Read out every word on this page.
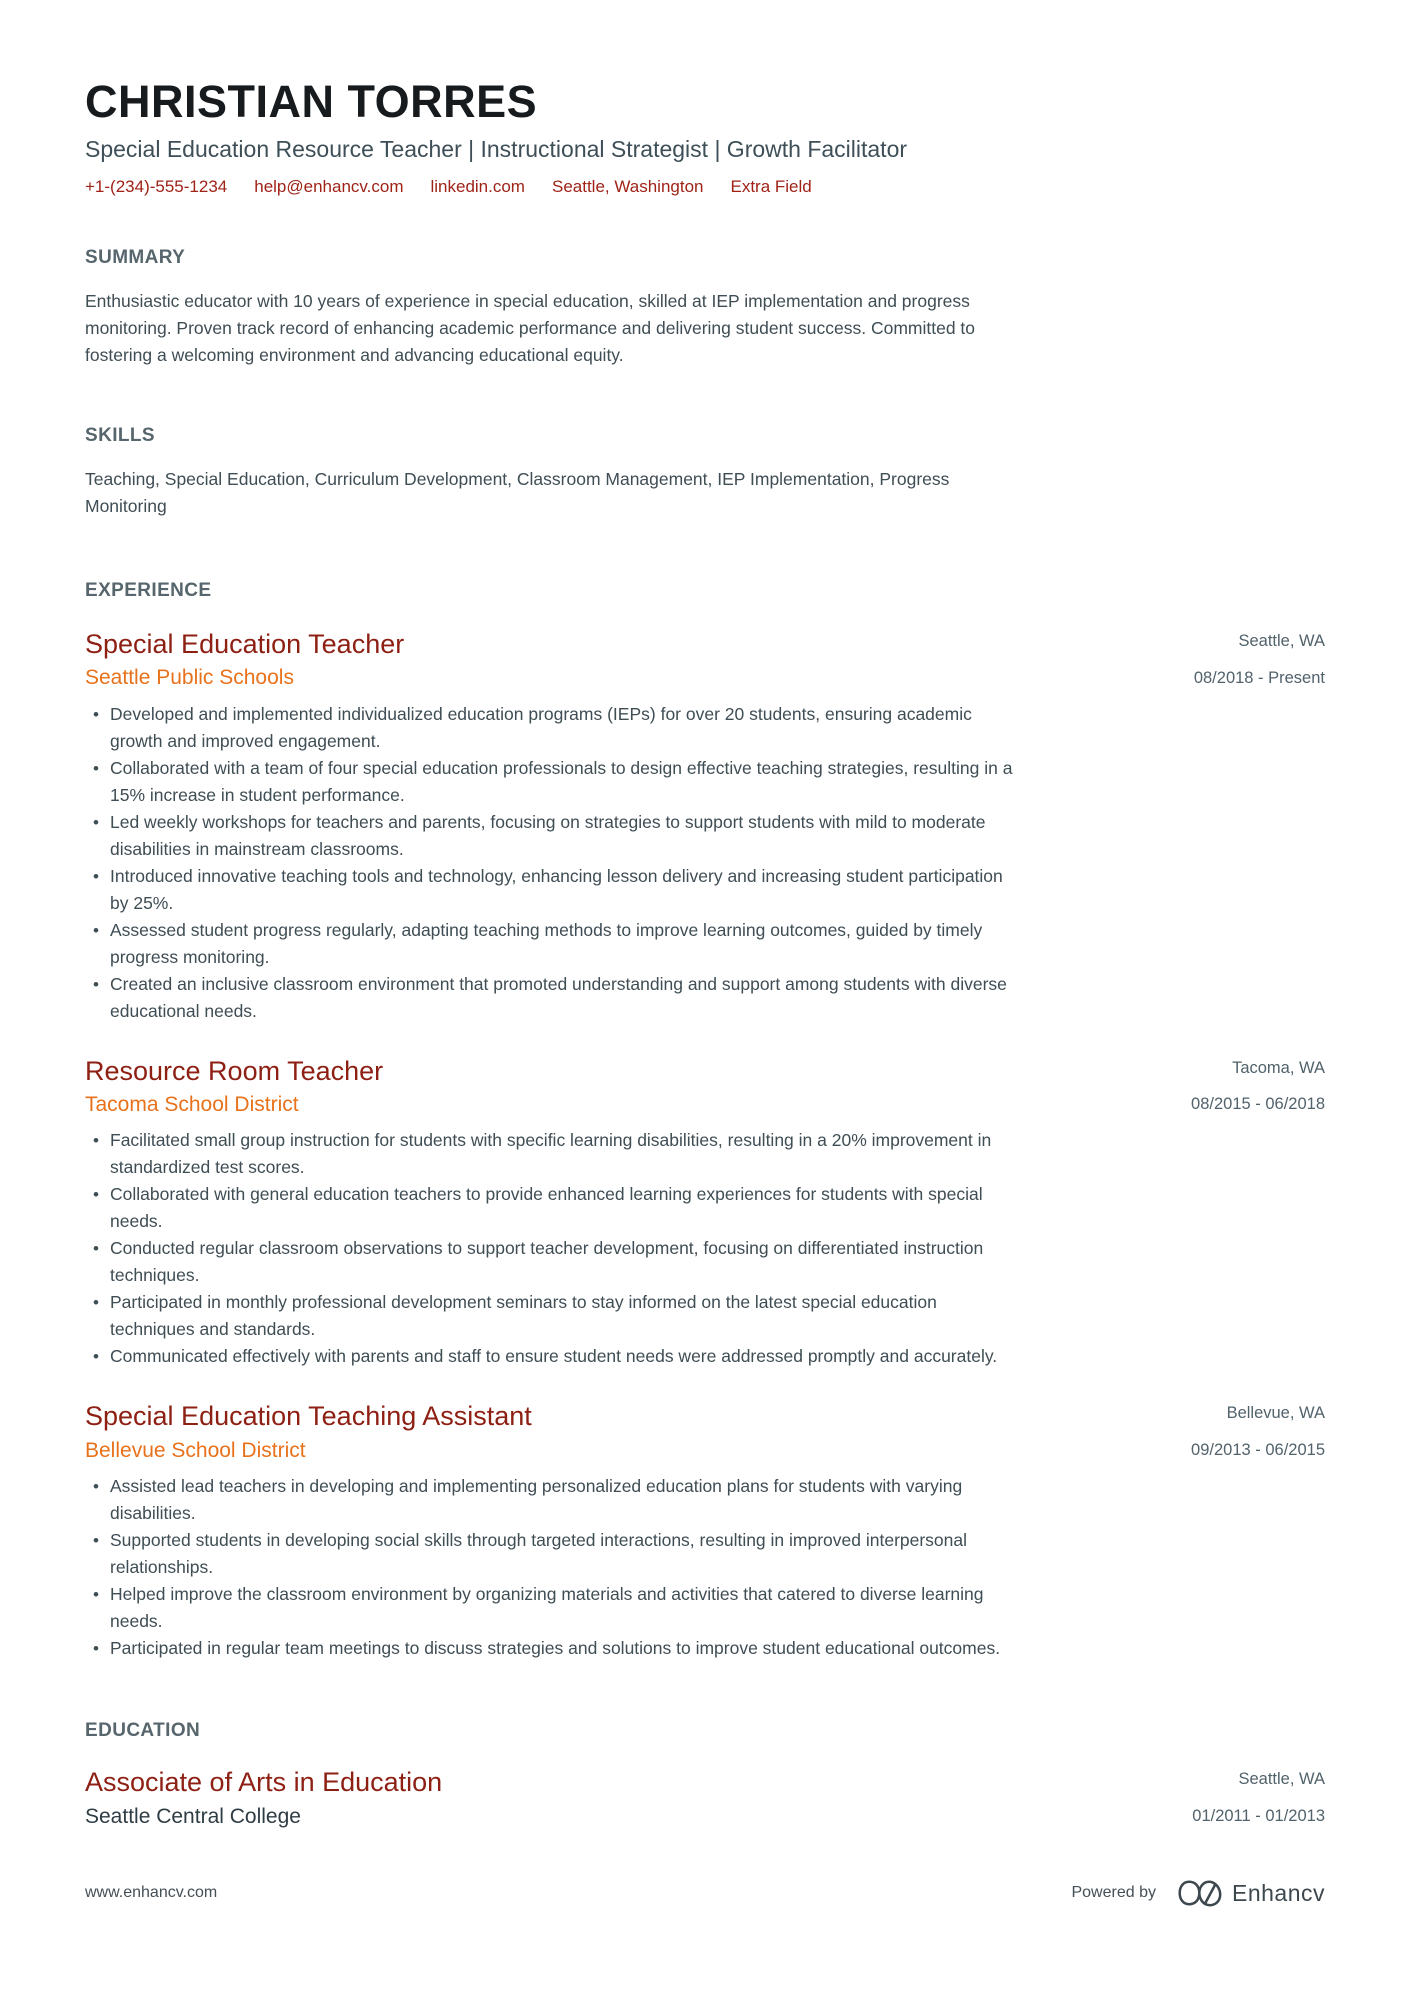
CHRISTIAN TORRES
Special Education Resource Teacher | Instructional Strategist | Growth Facilitator
+1-(234)-555-1234 help@enhancv.com linkedin.com Seattle, Washington Extra Field
SUMMARY

Enthusiastic educator with 10 years of experience in special education, skilled at IEP implementation and progress monitoring. Proven track record of enhancing academic performance and delivering student success. Committed to fostering a welcoming environment and advancing educational equity.

SKILLS

Teaching, Special Education, Curriculum Development, Classroom Management, IEP Implementation, Progress Monitoring

EXPERIENCE
Special Education Teacher
Seattle Public Schools
Seattle, WA
08/2018 - Present
• Developed and implemented individualized education programs (IEPs) for over 20 students, ensuring academic growth and improved engagement.
• Collaborated with a team of four special education professionals to design effective teaching strategies, resulting in a 15% increase in student performance.
• Led weekly workshops for teachers and parents, focusing on strategies to support students with mild to moderate disabilities in mainstream classrooms.
• Introduced innovative teaching tools and technology, enhancing lesson delivery and increasing student participation by 25%.
• Assessed student progress regularly, adapting teaching methods to improve learning outcomes, guided by timely progress monitoring.
• Created an inclusive classroom environment that promoted understanding and support among students with diverse educational needs.
Resource Room Teacher
Tacoma School District
Tacoma, WA
08/2015 - 06/2018
• Facilitated small group instruction for students with specific learning disabilities, resulting in a 20% improvement in standardized test scores.
• Collaborated with general education teachers to provide enhanced learning experiences for students with special needs.
• Conducted regular classroom observations to support teacher development, focusing on differentiated instruction techniques.
• Participated in monthly professional development seminars to stay informed on the latest special education techniques and standards.
• Communicated effectively with parents and staff to ensure student needs were addressed promptly and accurately.
Special Education Teaching Assistant
Bellevue School District
Bellevue, WA
09/2013 - 06/2015
• Assisted lead teachers in developing and implementing personalized education plans for students with varying disabilities.
• Supported students in developing social skills through targeted interactions, resulting in improved interpersonal relationships.
• Helped improve the classroom environment by organizing materials and activities that catered to diverse learning needs.
• Participated in regular team meetings to discuss strategies and solutions to improve student educational outcomes.
EDUCATION
Associate of Arts in Education
Seattle Central College
Seattle, WA
01/2011 - 01/2013
www.enhancv.com	Powered by	Enhancv
